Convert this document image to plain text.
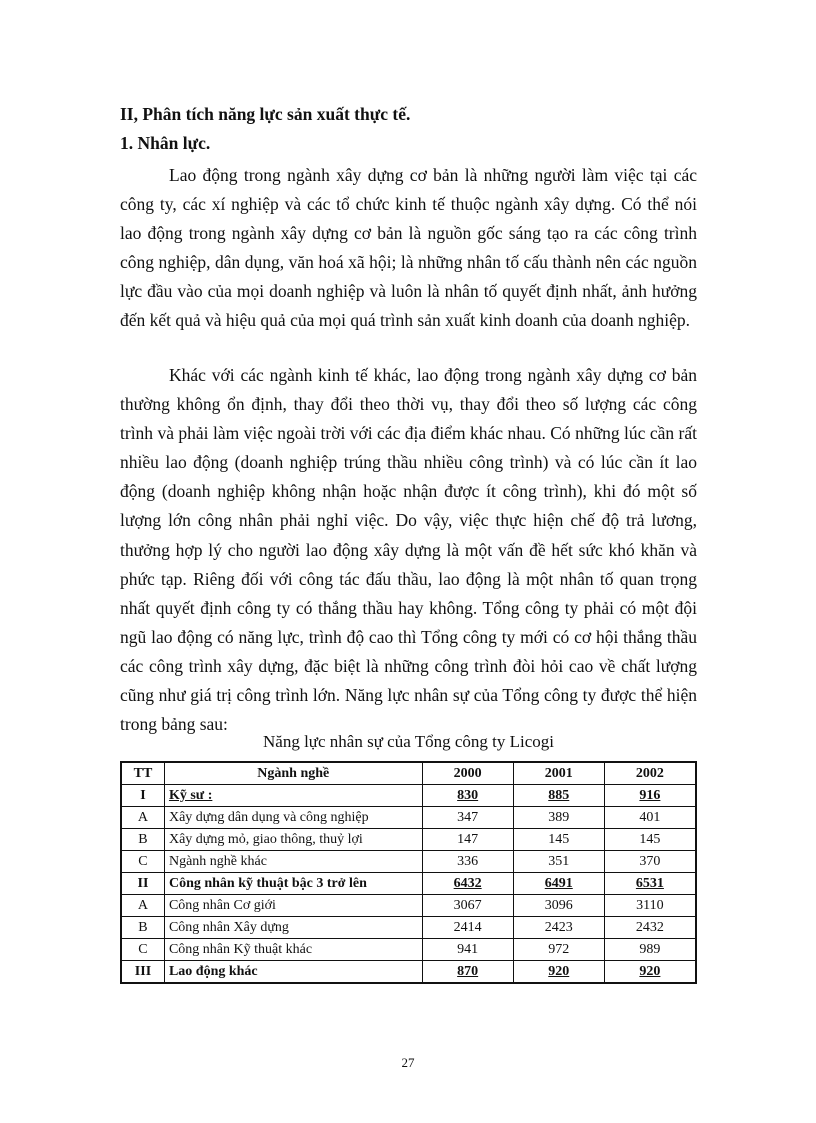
II, Phân tích năng lực sản xuất thực tế.

1. Nhân lực.

Lao động trong ngành xây dựng cơ bản là những người làm việc tại các công ty, các xí nghiệp và các tổ chức kinh tế thuộc ngành xây dựng. Có thể nói lao động trong ngành xây dựng cơ bản là nguồn gốc sáng tạo ra các công trình công nghiệp, dân dụng, văn hoá xã hội; là những nhân tố cấu thành nên các nguồn lực đầu vào của mọi doanh nghiệp và luôn là nhân tố quyết định nhất, ảnh hưởng đến kết quả và hiệu quả của mọi quá trình sản xuất kinh doanh của doanh nghiệp.

Khác với các ngành kinh tế khác, lao động trong ngành xây dựng cơ bản thường không ổn định, thay đổi theo thời vụ, thay đổi theo số lượng các công trình và phải làm việc ngoài trời với các địa điểm khác nhau. Có những lúc cần rất nhiều lao động (doanh nghiệp trúng thầu nhiều công trình) và có lúc cần ít lao động (doanh nghiệp không nhận hoặc nhận được ít công trình), khi đó một số lượng lớn công nhân phải nghỉ việc. Do vậy, việc thực hiện chế độ trả lương, thưởng hợp lý cho người lao động xây dựng là một vấn đề hết sức khó khăn và phức tạp. Riêng đối với công tác đấu thầu, lao động là một nhân tố quan trọng nhất quyết định công ty có thắng thầu hay không. Tổng công ty phải có một đội ngũ lao động có năng lực, trình độ cao thì Tổng công ty mới có cơ hội thắng thầu các công trình xây dựng, đặc biệt là những công trình đòi hỏi cao về chất lượng cũng như giá trị công trình lớn. Năng lực nhân sự của Tổng công ty được thể hiện trong bảng sau:

Năng lực nhân sự của Tổng công ty Licogi

TT	Ngành nghề	2000	2001	2002
I	Kỹ sư :	830	885	916
A	Xây dựng dân dụng và công nghiệp	347	389	401
B	Xây dựng mỏ, giao thông, thuỷ lợi	147	145	145
C	Ngành nghề khác	336	351	370
II	Công nhân kỹ thuật bậc 3 trở lên	6432	6491	6531
A	Công nhân Cơ giới	3067	3096	3110
B	Công nhân Xây dựng	2414	2423	2432
C	Công nhân Kỹ thuật khác	941	972	989
III	Lao động khác	870	920	920

27
